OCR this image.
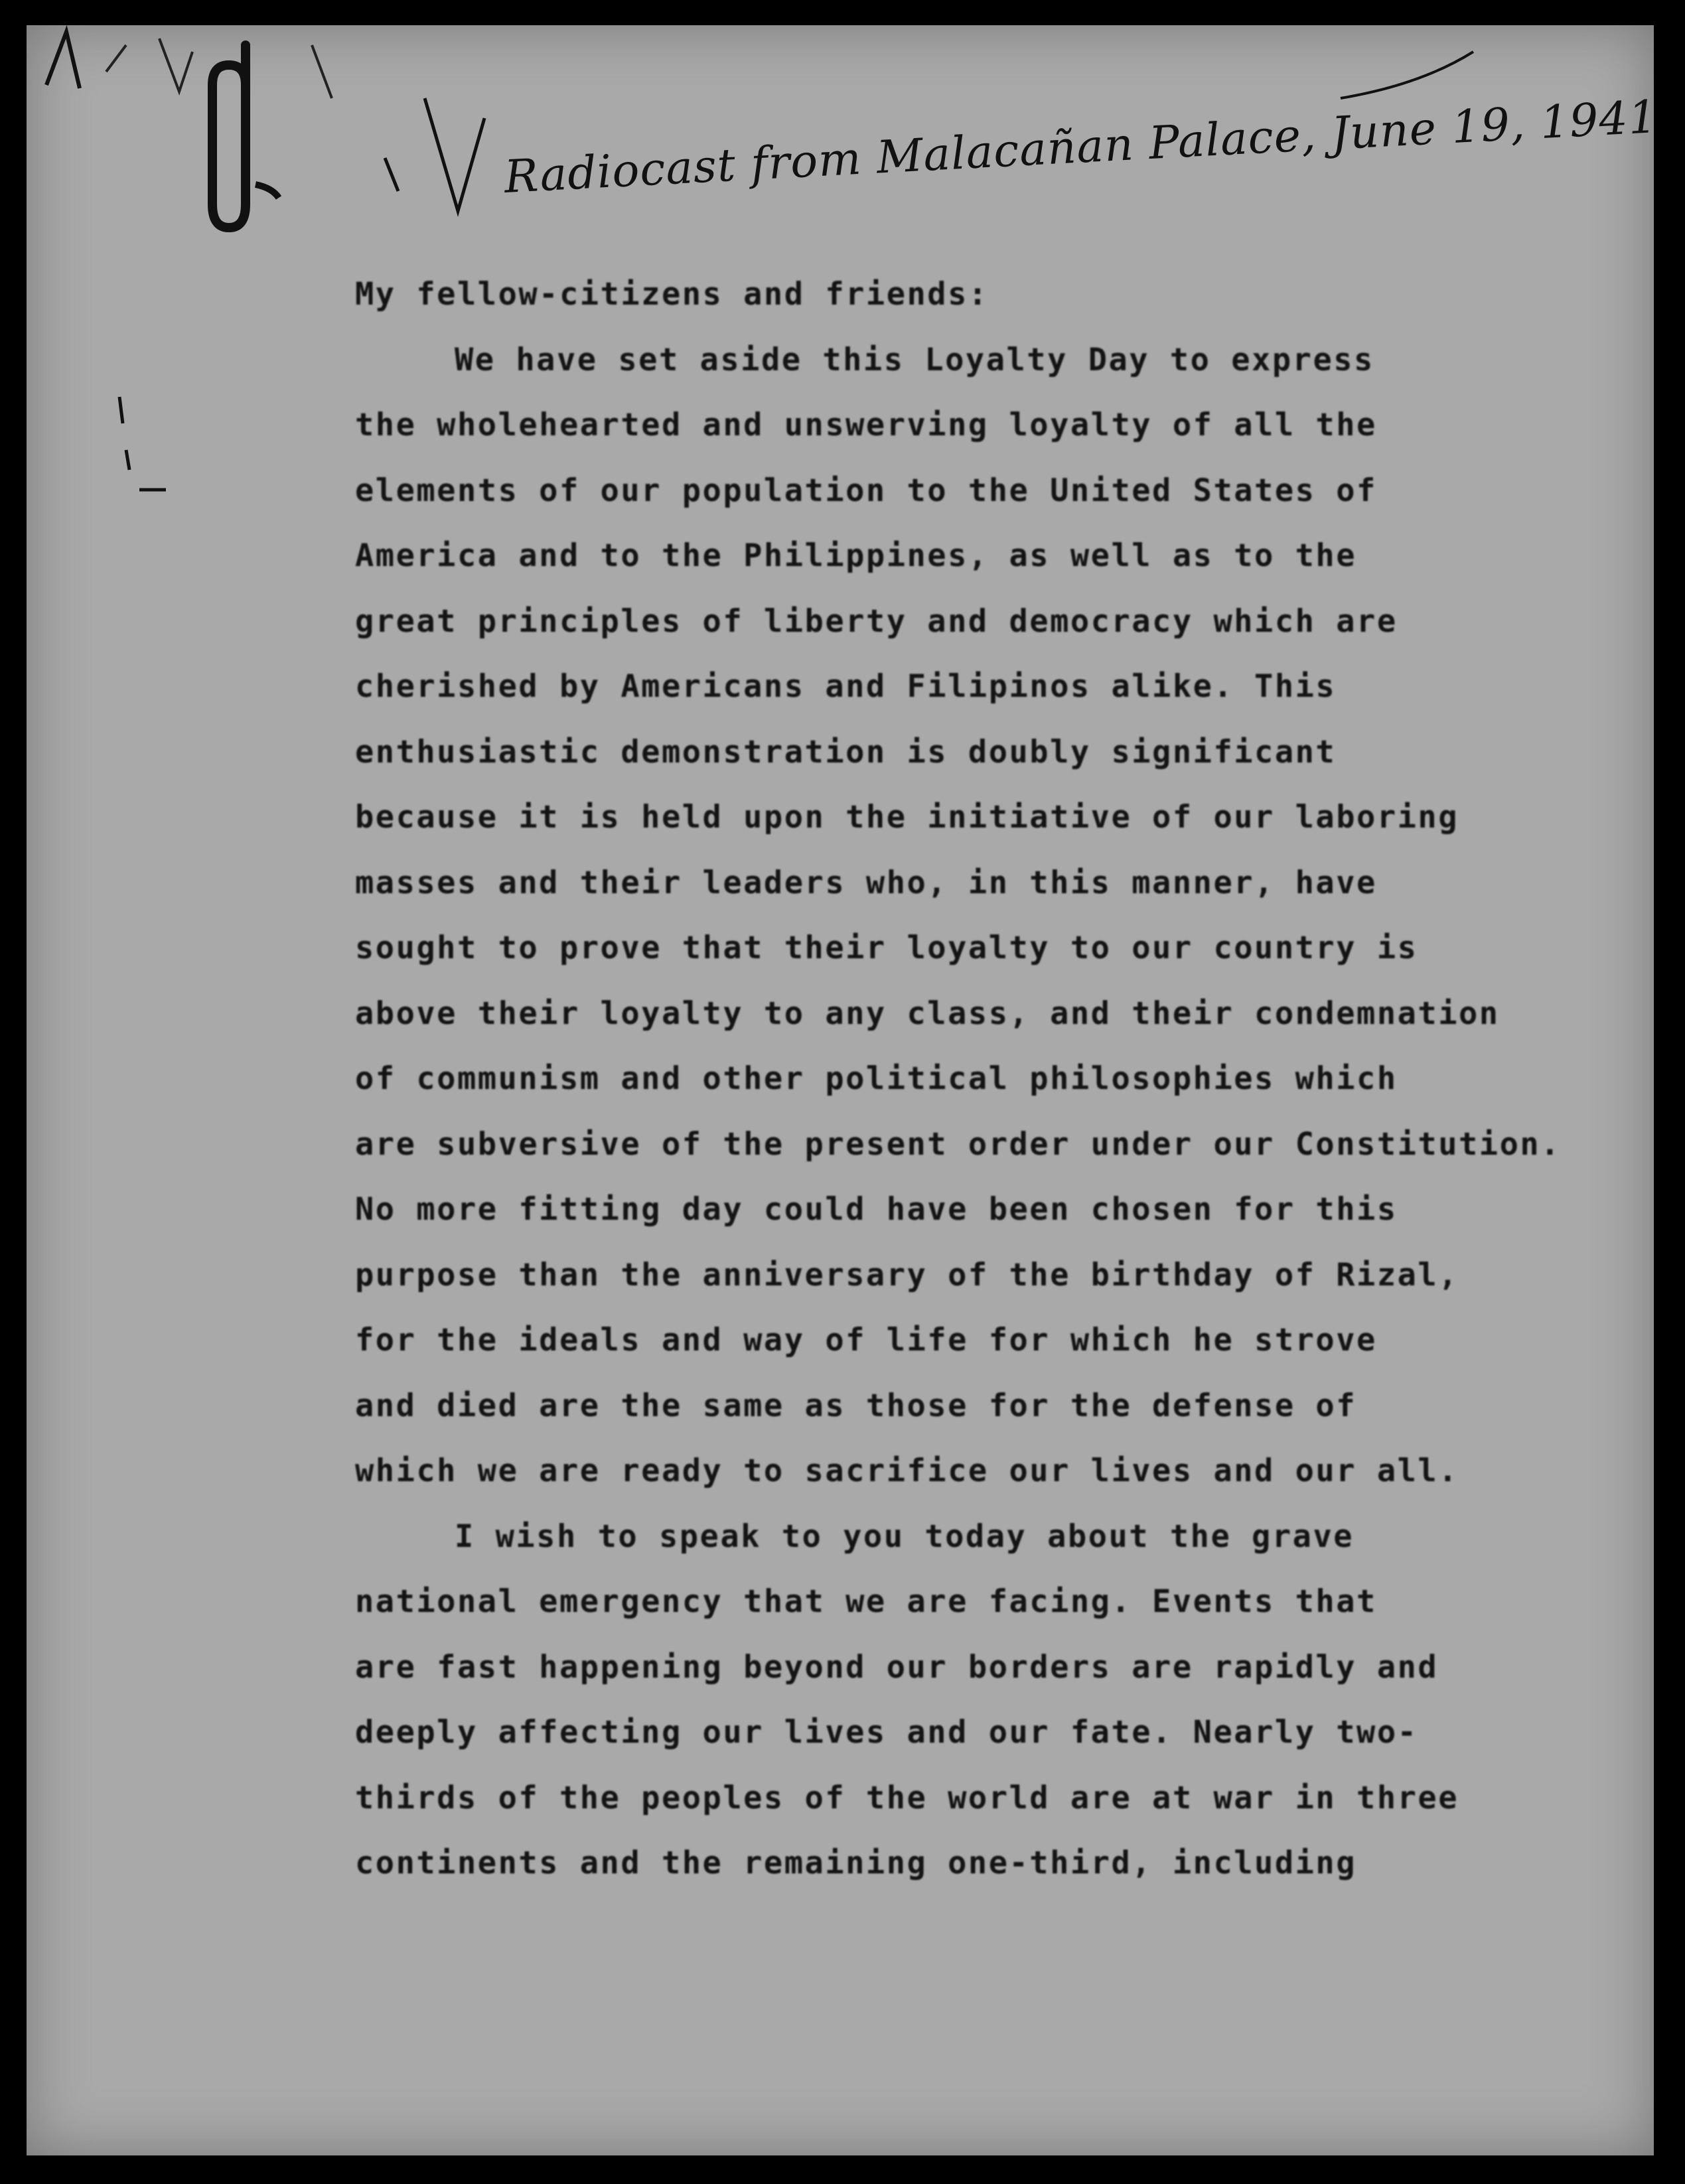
Radiocast from Malacañan Palace, June 19, 1941

My fellow-citizens and friends:

We have set aside this Loyalty Day to express
the wholehearted and unswerving loyalty of all the
elements of our population to the United States of
America and to the Philippines, as well as to the
great principles of liberty and democracy which are
cherished by Americans and Filipinos alike. This
enthusiastic demonstration is doubly significant
because it is held upon the initiative of our laboring
masses and their leaders who, in this manner, have
sought to prove that their loyalty to our country is
above their loyalty to any class, and their condemnation
of communism and other political philosophies which
are subversive of the present order under our Constitution.
No more fitting day could have been chosen for this
purpose than the anniversary of the birthday of Rizal,
for the ideals and way of life for which he strove
and died are the same as those for the defense of
which we are ready to sacrifice our lives and our all.

I wish to speak to you today about the grave
national emergency that we are facing. Events that
are fast happening beyond our borders are rapidly and
deeply affecting our lives and our fate. Nearly two-
thirds of the peoples of the world are at war in three
continents and the remaining one-third, including
